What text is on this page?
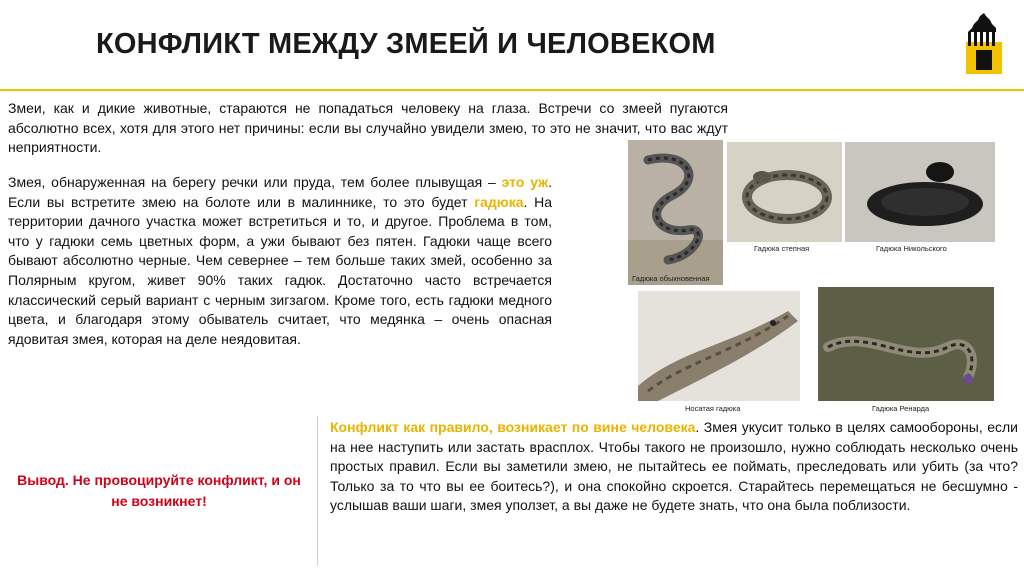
КОНФЛИКТ МЕЖДУ ЗМЕЕЙ И ЧЕЛОВЕКОМ

Змеи, как и дикие животные, стараются не попадаться человеку на глаза. Встречи со змеей пугаются абсолютно всех, хотя для этого нет причины: если вы случайно увидели змею, то это не значит, что вас ждут неприятности.

Змея, обнаруженная на берегу речки или пруда, тем более плывущая – это уж. Если вы встретите змею на болоте или в малиннике, то это будет гадюка. На территории дачного участка может встретиться и то, и другое. Проблема в том, что у гадюки семь цветных форм, а ужи бывают без пятен. Гадюки чаще всего бывают абсолютно черные. Чем севернее – тем больше таких змей, особенно за Полярным кругом, живет 90% таких гадюк. Достаточно часто встречается классический серый вариант с черным зигзагом. Кроме того, есть гадюки медного цвета, и благодаря этому обыватель считает, что медянка – очень опасная ядовитая змея, которая на деле неядовитая.

Гадюка обыкновенная
Гадюка степная	Гадюка Никольского
Носатая гадюка	Гадюка Ренарда
Вывод. Не провоцируйте конфликт, и он не возникнет!

Конфликт как правило, возникает по вине человека. Змея укусит только в целях самообороны, если на нее наступить или застать врасплох. Чтобы такого не произошло, нужно соблюдать несколько очень простых правил. Если вы заметили змею, не пытайтесь ее поймать, преследовать или убить (за что? Только за то что вы ее боитесь?), и она спокойно скроется. Старайтесь перемещаться не бесшумно - услышав ваши шаги, змея уползет, а вы даже не будете знать, что она была поблизости.
